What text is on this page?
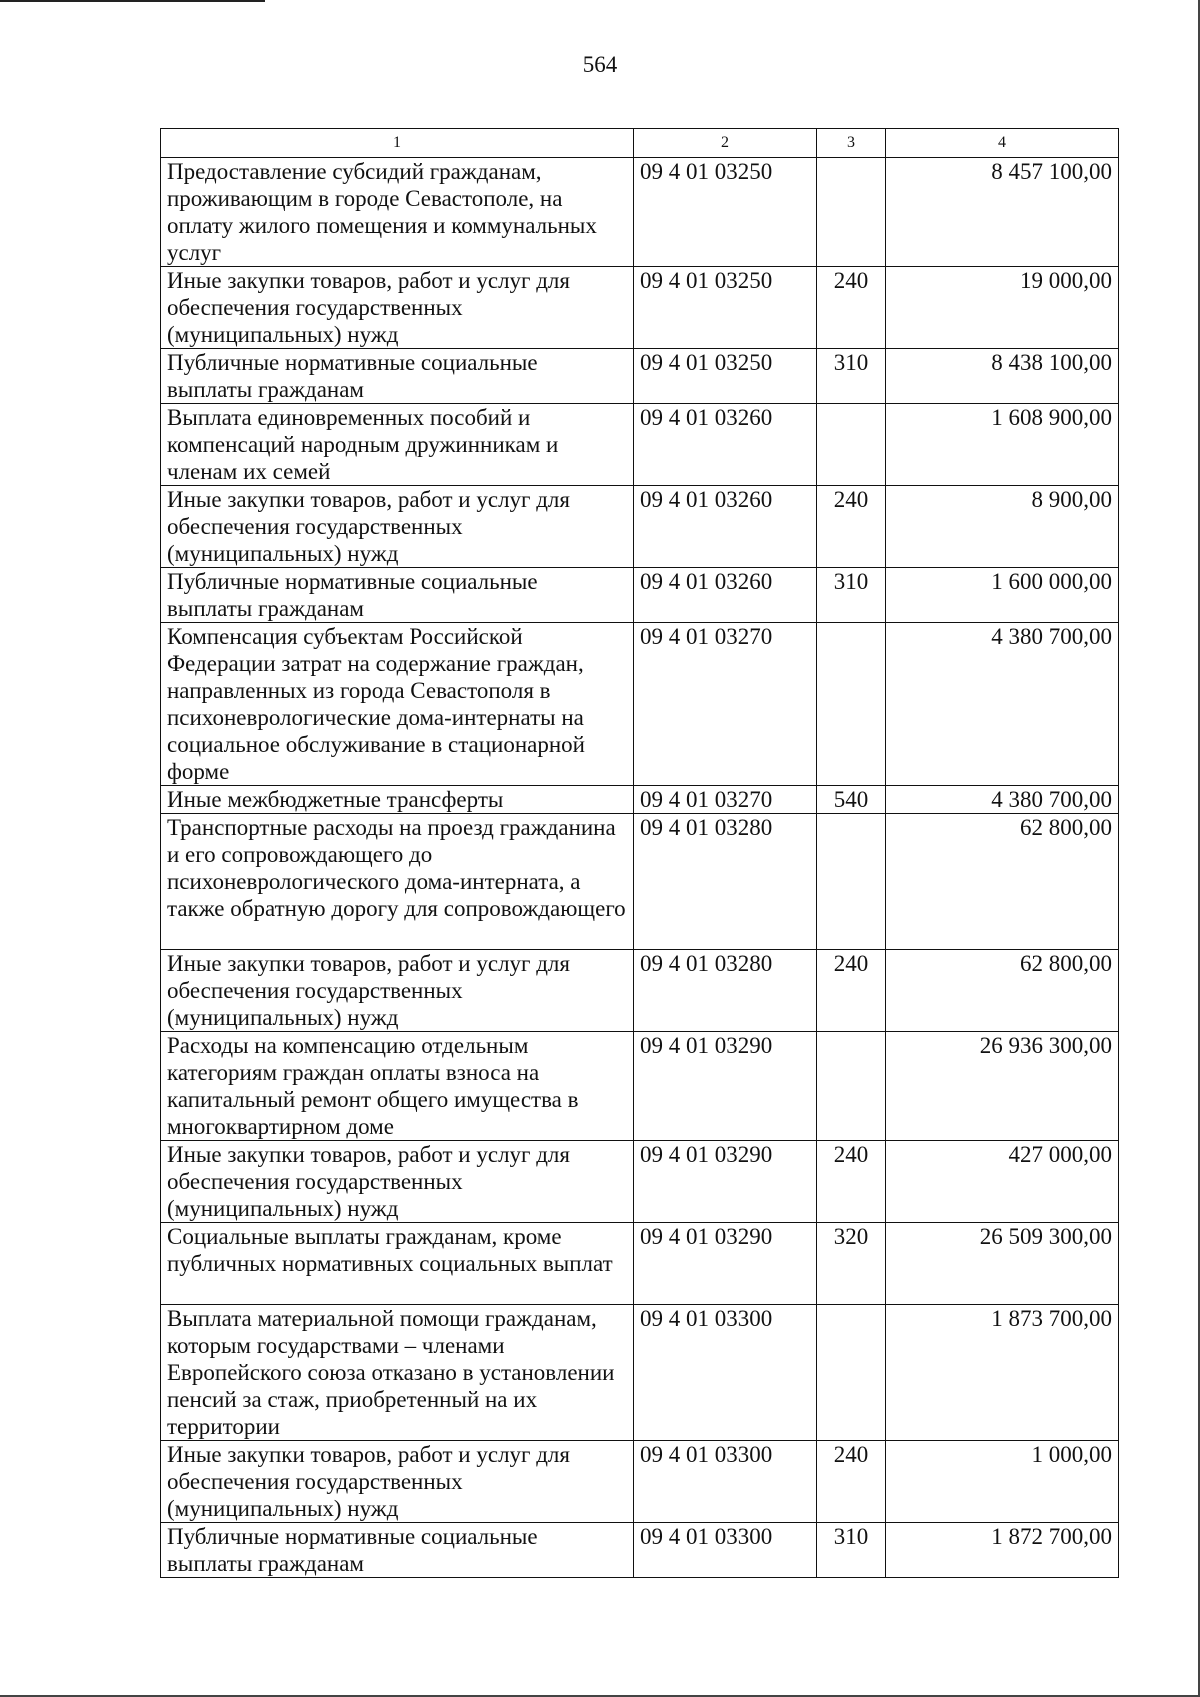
564
1	2	3	4
Предоставление субсидий гражданам, проживающим в городе Севастополе, на оплату жилого помещения и коммунальных услуг	09 4 01 03250		8 457 100,00
Иные закупки товаров, работ и услуг для обеспечения государственных (муниципальных) нужд	09 4 01 03250	240	19 000,00
Публичные нормативные социальные выплаты гражданам	09 4 01 03250	310	8 438 100,00
Выплата единовременных пособий и компенсаций народным дружинникам и членам их семей	09 4 01 03260		1 608 900,00
Иные закупки товаров, работ и услуг для обеспечения государственных (муниципальных) нужд	09 4 01 03260	240	8 900,00
Публичные нормативные социальные выплаты гражданам	09 4 01 03260	310	1 600 000,00
Компенсация субъектам Российской Федерации затрат на содержание граждан, направленных из города Севастополя в психоневрологические дома-интернаты на социальное обслуживание в стационарной форме	09 4 01 03270		4 380 700,00
Иные межбюджетные трансферты	09 4 01 03270	540	4 380 700,00
Транспортные расходы на проезд гражданина и его сопровождающего до психоневрологического дома-интерната, а также обратную дорогу для сопровождающего	09 4 01 03280		62 800,00
Иные закупки товаров, работ и услуг для обеспечения государственных (муниципальных) нужд	09 4 01 03280	240	62 800,00
Расходы на компенсацию отдельным категориям граждан оплаты взноса на капитальный ремонт общего имущества в многоквартирном доме	09 4 01 03290		26 936 300,00
Иные закупки товаров, работ и услуг для обеспечения государственных (муниципальных) нужд	09 4 01 03290	240	427 000,00
Социальные выплаты гражданам, кроме публичных нормативных социальных выплат	09 4 01 03290	320	26 509 300,00
Выплата материальной помощи гражданам, которым государствами – членами Европейского союза отказано в установлении пенсий за стаж, приобретенный на их территории	09 4 01 03300		1 873 700,00
Иные закупки товаров, работ и услуг для обеспечения государственных (муниципальных) нужд	09 4 01 03300	240	1 000,00
Публичные нормативные социальные выплаты гражданам	09 4 01 03300	310	1 872 700,00
